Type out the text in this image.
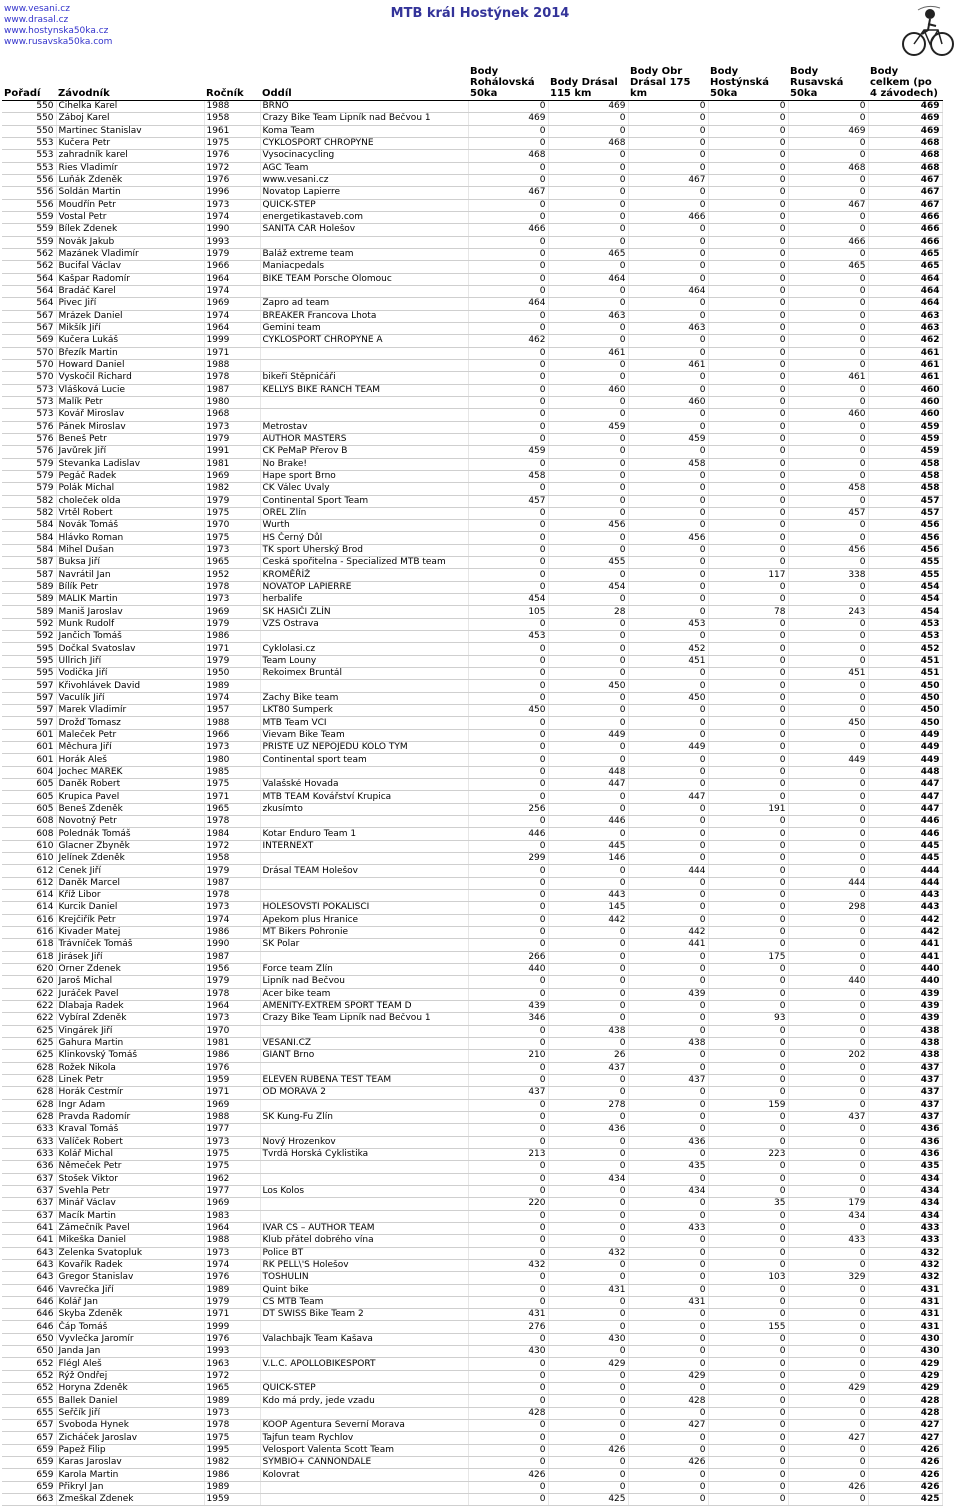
www.vesani.cz
www.drasal.cz
www.hostynska50ka.cz
www.rusavska50ka.com
MTB král Hostýnek 2014
Pořadí	Závodník	Ročník	Oddíl	Body Rohálovská 50ka	Body Drásal 115 km	Body Obr Drásal 175 km	Body Hostýnská 50ka	Body Rusavská 50ka	Body celkem (po 4 závodech)
550	Cihelka Karel	1988	BRNO	0	469	0	0	0	469
550	Záboj Karel	1958	Crazy Bike Team Lipník nad Bečvou 1	469	0	0	0	0	469
550	Martinec Stanislav	1961	Koma Team	0	0	0	0	469	469
553	Kučera Petr	1975	CYKLOSPORT CHROPYNĚ	0	468	0	0	0	468
553	zahradník karel	1976	Vysocinacycling	468	0	0	0	0	468
553	Ries Vladimír	1972	AGC Team	0	0	0	0	468	468
556	Luňák Zdeněk	1976	www.vesani.cz	0	0	467	0	0	467
556	Soldán Martin	1996	Novatop Lapierre	467	0	0	0	0	467
556	Moudřín Petr	1973	QUICK-STEP	0	0	0	0	467	467
559	Vostal Petr	1974	energetikastaveb.com	0	0	466	0	0	466
559	Bílek Zdenek	1990	SANITA CAR Holešov	466	0	0	0	0	466
559	Novák Jakub	1993		0	0	0	0	466	466
562	Mazánek Vladimír	1979	Baláž extreme team	0	465	0	0	0	465
562	Bucifal Václav	1966	Maniacpedals	0	0	0	0	465	465
564	Kašpar Radomír	1964	BIKE TEAM Porsche Olomouc	0	464	0	0	0	464
564	Bradáč Karel	1974		0	0	464	0	0	464
564	Pivec Jiří	1969	Zapro ad team	464	0	0	0	0	464
567	Mrázek Daniel	1974	BREAKER Francova Lhota	0	463	0	0	0	463
567	Mikšík Jiří	1964	Gemini team	0	0	463	0	0	463
569	Kučera Lukáš	1999	CYKLOSPORT CHROPYNĚ A	462	0	0	0	0	462
570	Březík Martin	1971		0	461	0	0	0	461
570	Howard Daniel	1988		0	0	461	0	0	461
570	Vyskočil Richard	1978	bikeři Štěpničáři	0	0	0	0	461	461
573	Vlášková Lucie	1987	KELLYS BIKE RANCH TEAM	0	460	0	0	0	460
573	Malík Petr	1980		0	0	460	0	0	460
573	Kovář Miroslav	1968		0	0	0	0	460	460
576	Pánek Miroslav	1973	Metrostav	0	459	0	0	0	459
576	Beneš Petr	1979	AUTHOR MASTERS	0	0	459	0	0	459
576	Javůrek Jiří	1991	CK PeMaP Přerov B	459	0	0	0	0	459
579	Stevanka Ladislav	1981	No Brake!	0	0	458	0	0	458
579	Pegáč Radek	1969	Hape sport Brno	458	0	0	0	0	458
579	Polák Michal	1982	CK Válec Úvaly	0	0	0	0	458	458
582	choleček olda	1979	Continental Sport Team	457	0	0	0	0	457
582	Vrtěl Robert	1975	OREL Zlín	0	0	0	0	457	457
584	Novák Tomáš	1970	Wurth	0	456	0	0	0	456
584	Hlávko Roman	1975	HS Černý Důl	0	0	456	0	0	456
584	Mihel Dušan	1973	TK sport Uherský Brod	0	0	0	0	456	456
587	Buksa Jiří	1965	Česká spořitelna - Specialized MTB team	0	455	0	0	0	455
587	Navrátil Jan	1952	KROMĚŘÍŽ	0	0	0	117	338	455
589	Bílík Petr	1978	NOVATOP LAPIERRE	0	454	0	0	0	454
589	MALÍK Martin	1973	herbalife	454	0	0	0	0	454
589	Maniš Jaroslav	1969	SK HASIČI ZLÍN	105	28	0	78	243	454
592	Munk Rudolf	1979	VZS Ostrava	0	0	453	0	0	453
592	Jančich Tomáš	1986		453	0	0	0	0	453
595	Dočkal Svatoslav	1971	Cyklolasi.cz	0	0	452	0	0	452
595	Ullrich Jiří	1979	Team Louny	0	0	451	0	0	451
595	Vodička Jiří	1950	Rekoimex Bruntál	0	0	0	0	451	451
597	Křivohlávek David	1989		0	450	0	0	0	450
597	Vaculík Jiří	1974	Zachy Bike team	0	0	450	0	0	450
597	Marek Vladimír	1957	LKT80 Sumperk	450	0	0	0	0	450
597	Drožď Tomasz	1988	MTB Team VCI	0	0	0	0	450	450
601	Maleček Petr	1966	Vievam Bike Team	0	449	0	0	0	449
601	Měchura Jiří	1973	PŘÍŠTĚ UŽ NEPOJEDU KOLO TYM	0	0	449	0	0	449
601	Horák Aleš	1980	Continental sport team	0	0	0	0	449	449
604	Jochec MAREK	1985		0	448	0	0	0	448
605	Daněk Robert	1975	Valašské Hovada	0	447	0	0	0	447
605	Krupica Pavel	1971	MTB TEAM Kovářství Krupica	0	0	447	0	0	447
605	Beneš Zdeněk	1965	zkusímto	256	0	0	191	0	447
608	Novotný Petr	1978		0	446	0	0	0	446
608	Polednák Tomáš	1984	Kotar Enduro Team 1	446	0	0	0	0	446
610	Glacner Zbyněk	1972	INTERNEXT	0	445	0	0	0	445
610	Jelínek Zdeněk	1958		299	146	0	0	0	445
612	Cenek Jiří	1979	Drásal TEAM Holešov	0	0	444	0	0	444
612	Daněk Marcel	1987		0	0	0	0	444	444
614	Kříž Libor	1978		0	443	0	0	0	443
614	Kurcik Daniel	1973	HOLEŠOVŠTÍ POKALIŠCI	0	145	0	0	298	443
616	Krejčiřík Petr	1974	Apekom plus Hranice	0	442	0	0	0	442
616	Kivader Matej	1986	MT Bikers Pohronie	0	0	442	0	0	442
618	Trávníček Tomáš	1990	SK Polar	0	0	441	0	0	441
618	Jirásek Jiří	1987		266	0	0	175	0	441
620	Orner Zdenek	1956	Force team Zlín	440	0	0	0	0	440
620	Jaroš Michal	1979	Lipník nad Bečvou	0	0	0	0	440	440
622	Juráček Pavel	1978	Acer bike team	0	0	439	0	0	439
622	Dlabaja Radek	1964	AMENITY-EXTREM SPORT TEAM D	439	0	0	0	0	439
622	Vybíral Zdeněk	1973	Crazy Bike Team Lipník nad Bečvou 1	346	0	0	93	0	439
625	Vingárek Jiří	1970		0	438	0	0	0	438
625	Gahura Martin	1981	VESANI.CZ	0	0	438	0	0	438
625	Klinkovský Tomáš	1986	GIANT Brno	210	26	0	0	202	438
628	Rožek Nikola	1976		0	437	0	0	0	437
628	Linek Petr	1959	ELEVEN RUBENA TEST TEAM	0	0	437	0	0	437
628	Horák Cestmír	1971	OD MORAVA 2	437	0	0	0	0	437
628	Ingr Adam	1969		0	278	0	159	0	437
628	Pravda Radomír	1988	SK Kung-Fu Zlín	0	0	0	0	437	437
633	Kraval Tomáš	1977		0	436	0	0	0	436
633	Valíček Robert	1973	Nový Hrozenkov	0	0	436	0	0	436
633	Kolář Michal	1975	Tvrdá Horská Cyklistika	213	0	0	223	0	436
636	Němeček Petr	1975		0	0	435	0	0	435
637	Stošek Viktor	1962		0	434	0	0	0	434
637	Švehla Petr	1977	Los Kolos	0	0	434	0	0	434
637	Minář Václav	1969		220	0	0	35	179	434
637	Macík Martin	1983		0	0	0	0	434	434
641	Zámečník Pavel	1964	IVAR CS – AUTHOR TEAM	0	0	433	0	0	433
641	Mikeška Daniel	1988	Klub přátel dobrého vína	0	0	0	0	433	433
643	Zelenka Svatopluk	1973	Police BT	0	432	0	0	0	432
643	Kovařík Radek	1974	RK PELL\'S Holešov	432	0	0	0	0	432
643	Gregor Stanislav	1976	TOSHULIN	0	0	0	103	329	432
646	Vavrečka Jiří	1989	Quint bike	0	431	0	0	0	431
646	Kolář Jan	1979	CS MTB Team	0	0	431	0	0	431
646	Skyba Zdeněk	1971	DT SWISS Bike Team 2	431	0	0	0	0	431
646	Čáp Tomáš	1999		276	0	0	155	0	431
650	Vyvlečka Jaromír	1976	Valachbajk Team Kašava	0	430	0	0	0	430
650	Janda Jan	1993		430	0	0	0	0	430
652	Flégl Aleš	1963	V.L.C. APOLLOBIKESPORT	0	429	0	0	0	429
652	Rýž Ondřej	1972		0	0	429	0	0	429
652	Horyna Zdeněk	1965	QUICK-STEP	0	0	0	0	429	429
655	Ballek Daniel	1989	Kdo má prdy, jede vzadu	0	0	428	0	0	428
655	Seřčík Jiří	1973		428	0	0	0	0	428
657	Svoboda Hynek	1978	KOOP Agentura Severní Morava	0	0	427	0	0	427
657	Zicháček Jaroslav	1975	Tajfun team Rychlov	0	0	0	0	427	427
659	Papež Filip	1995	Velosport Valenta Scott Team	0	426	0	0	0	426
659	Karas Jaroslav	1982	SYMBIO+ CANNONDALE	0	0	426	0	0	426
659	Karola Martin	1986	Kolovrat	426	0	0	0	0	426
659	Přikryl Jan	1989		0	0	0	0	426	426
663	Zmeškal Zdenek	1959		0	425	0	0	0	425
